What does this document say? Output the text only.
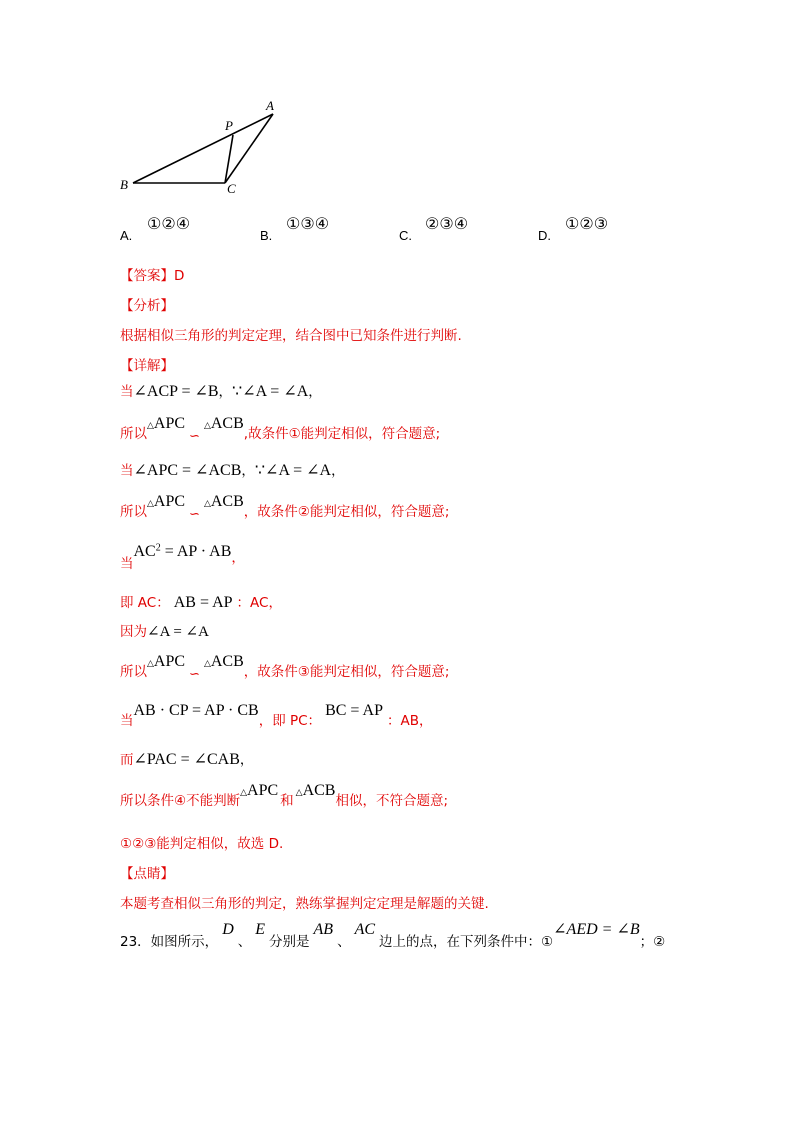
A
P
B	C
A.
①②④
B.
①③④
C.
②③④
D.
①②③
【答案】D
【分析】
根据相似三角形的判定定理，结合图中已知条件进行判断.
【详解】
当∠ACP = ∠B，∵∠A = ∠A，
所以△APC∽△ACB,故条件①能判定相似，符合题意;
当∠APC = ∠ACB，∵∠A = ∠A，
所以△APC∽△ACB，故条件②能判定相似，符合题意;
当$AC^2$ = AP · AB，
即 AC： AB = AP ：AC，
因为∠A = ∠A
所以△APC∽△ACB，故条件③能判定相似，符合题意;
当AB · CP = AP · CB，即 PC：BC = AP：AB，
而∠PAC = ∠CAB，
所以条件④不能判断△APC和 △ACB相似，不符合题意;
①②③能判定相似，故选 D.
【点睛】
本题考查相似三角形的判定，熟练掌握判定定理是解题的关键.
23．如图所示，D、E分别是AB、AC边上的点，在下列条件中：①∠AED = ∠B；②
